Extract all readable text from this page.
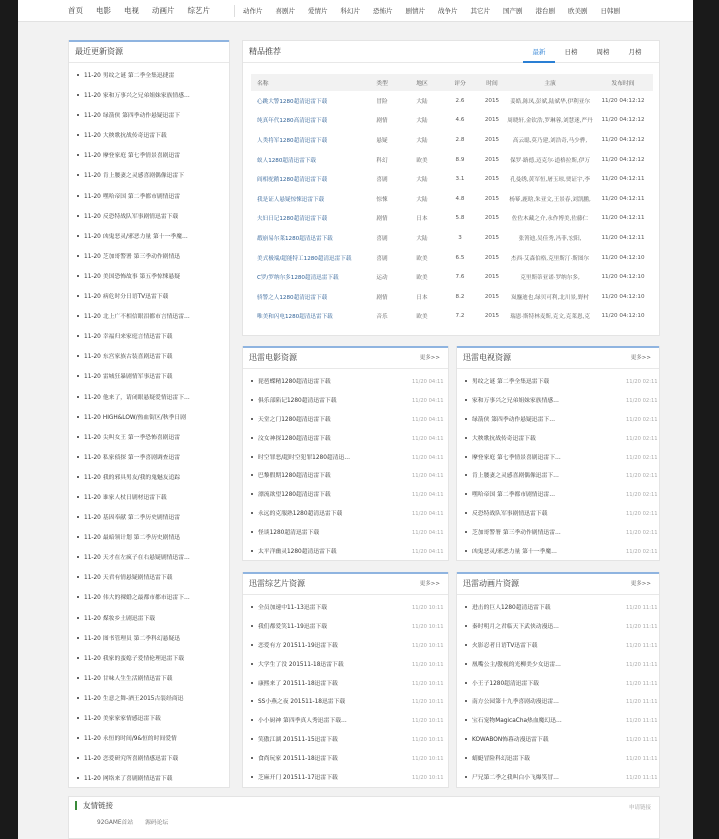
首页 电影 电视 动画片 综艺片	动作片 喜剧片 爱情片 科幻片 恐怖片 剧情片 战争片 其它片 国产剧 港台剧 欧美剧 日韩剧
最近更新资源
11-20 男纹之谜 第二季全集迅捷雷
11-20 家和万事兴之兄弟姐妹家族情感…
11-20 绿箭侠 第四季动作悬疑迅雷下
11-20 大秧歌抗战传奇迅雷下载
11-20 摩登家庭 第七季情景喜剧迅雷
11-20 肯上腰妻之灵感喜剧偶像迅雷下
11-20 嘿哈帝国 第二季都市剧情迅雷
11-20 反恐特战队军事剧情迅雷下载
11-20 凶鬼恶灵/邪恶力量 第十一季魔…
11-20 芝加哥警署 第三季动作剧情迅
11-20 美国恐怖故事 第五季惊悚悬疑
11-20 病危时分日语TV迅雷下载
11-20 北上广不相信眼泪都市言情迅雷…
11-20 幸福归来家庭言情迅雷下载
11-20 东宫家族古装喜剧迅雷下载
11-20 雷城狂暴剧情军事迅雷下载
11-20 他来了，请闭眼悬疑爱情迅雷下…
11-20 HIGH&LOW/热血街区/秋季日剧
11-20 尖叫女王 第一季恐怖喜剧迅雷
11-20 私家侦探 第一季喜剧调查迅雷
11-20 我的邪具男友/我的鬼魅友追踪
11-20 谁家人杖日剧材迅雷下载
11-20 基因奉献 第二季历史剧情迅雷
11-20 最暗领计划 第二季历史剧情迅
11-20 天才在左疯子在右悬疑剧情迅雷…
11-20 天君有情悬疑剧情迅雷下载
11-20 伟大的裸婚之最都市都市迅雷下…
11-20 煤妆乡土剧迅雷下载
11-20 图书管理员 第二季科幻悬疑迅
11-20 我家的蛮媳子爱情伦理迅雷下载
11-20 甘味人生生活剧情迅雷下载
11-20 生意之舞-酒王2015古装经商迅
11-20 美家家家情感迅雷下载
11-20 永恒的时间/9&恒的时间爱情
11-20 恋爱研究所喜剧情感迅雷下载
11-20 网络来了喜剧剧情迅雷下载
精品推荐	最新	日榜	周榜	月榜
名称	类型	地区	评分	时间	主演	发布时间
心跳大警1280超清迅雷下载	冒险	大陆	2.6	2015	姜皓,陈凤,彭斌,陆斌华,伊利亚尔	11/20 04:12:12
纯真年代1280高清迅雷下载	剧情	大陆	4.6	2015	周晓轩,金钦浩,罗琳蓉,刘慧迷,严丹	11/20 04:12:12
人类将军1280超清迅雷下载	悬疑	大陆	2.8	2015	高云聪,莫乃建,刘浩奇,马少骅,	11/20 04:12:12
蚁人1280超清迅雷下载	科幻	欧美	8.9	2015	保罗·路德,迈克尔·道格拉斯,伊万	11/20 04:12:12
阎相驼鹅1280超清迅雷下载	喜剧	大陆	3.1	2015	孔曼绣,黄军恒,屠玉琼,贾证宇,李	11/20 04:12:11
我是证人悬疑惊悚迅雷下载	惊悚	大陆	4.8	2015	杨幂,鹿晗,朱亚文,王景春,刘凯鹏,	11/20 04:12:11
夫妇日记1280超清迅雷下载	剧情	日本	5.8	2015	佐佐木藏之介,永作博美,佐藤仁	11/20 04:12:11
嘏崩易尔莱1280超清迅雷下载	喜剧	大陆	3	2015	张箐迪,吴佳秀,冯菲,宏阳,	11/20 04:12:11
美式极端/超能特工1280超清迅雷下载	喜剧	欧美	6.5	2015	杰西·艾森伯格,克里斯汀·斯图尔	11/20 04:12:10
C罗/罗纳尔多1280超清迅雷下载	运动	欧美	7.6	2015	克里斯蒂亚诺·罗纳尔多,	11/20 04:12:10
骄警之人1280超清迅雷下载	剧情	日本	8.2	2015	岚鏖迪也,绿贝可利,北川景,野村	11/20 04:12:10
唯美和闪电1280超清迅雷下载	音乐	欧美	7.2	2015	瑞恩·斯特林麦斯,克文,克莱恩,克	11/20 04:12:10
迅雷电影资源	更多>>
琵琶蝶精1280超清迅雷下载	11/20 04:11
俱乐部陷记1280超清迅雷下载	11/20 04:11
天堂之门1280超清迅雷下载	11/20 04:11
汶女神探1280超清迅雷下载	11/20 04:11
时空罪恶/超时空犯罪1280超清迅…	11/20 04:11
巴黎假期1280超清迅雷下载	11/20 04:11
漂流欲望1280超清迅雷下载	11/20 04:11
永远的克服熟1280超清迅雷下载	11/20 04:11
怪谈1280超清迅雷下载	11/20 04:11
太平洋幽灵1280超清迅雷下载	11/20 04:11
迅雷电视资源	更多>>
男纹之谜 第二季全集迅雷下载	11/20 02:11
家和万事兴之兄弟姐妹家族情感…	11/20 02:11
绿箭侠 第四季动作悬疑迅雷下…	11/20 02:11
大秧歌抗战传奇迅雷下载	11/20 02:11
摩登家庭 第七季情景喜剧迅雷下…	11/20 02:11
肯上腰妻之灵感喜剧偶像迅雷下…	11/20 02:11
嘿哈帝国 第二季都市剧情迅雷…	11/20 02:11
反恐特战队军事剧情迅雷下载	11/20 02:11
芝加哥警署 第三季动作剧情迅雷…	11/20 02:11
凶鬼恶灵/邪恶力量 第十一季魔…	11/20 02:11
迅雷综艺片资源	更多>>
全员加速中11-13迅雷下载	11/20 10:11
我们都爱笑11-19迅雷下载	11/20 10:11
恋爱有方 201511-19迅雷下载	11/20 10:11
大学生了没 201511-18迅雷下载	11/20 10:11
康熙来了 201511-18迅雷下载	11/20 10:11
SS小燕之夜 201511-18迅雷下载	11/20 10:11
小小厨神 第四季真人秀迅雷下载…	11/20 10:11
笑傲江湖 201511-15迅雷下载	11/20 10:11
食尚玩家 201511-18迅雷下载	11/20 10:11
芝麻开门 201511-17迅雷下载	11/20 10:11
迅雷动画片资源	更多>>
进击的巨人1280超清迅雷下载	11/20 11:11
秦时明月之君临天下武侠动漫迅…	11/20 11:11
火影忍者日语TV迅雷下载	11/20 11:11
凰嘴公主/傲视的光柳美少女迅雷…	11/20 11:11
小王子1280超清迅雷下载	11/20 11:11
南方公园第十九季喜剧动漫迅雷…	11/20 11:11
宝石宠物MagicaCha热血魔幻迅…	11/20 11:11
KOWABON怖暮动漫迅雷下载	11/20 11:11
蜻蜓冒险科幻迅雷下载	11/20 11:11
尸兄第二季之我叫白小飞爆笑冒…	11/20 11:11
友情链接	申请链接
92GAME首站 源码论坛
